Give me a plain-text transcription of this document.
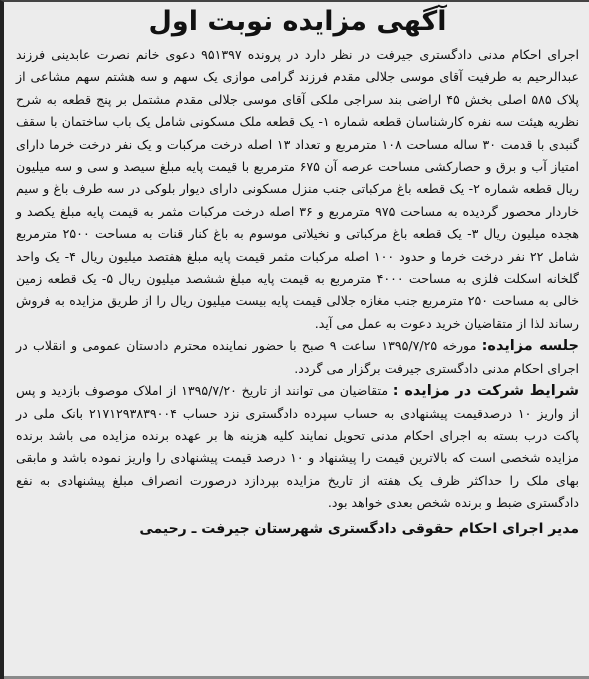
آگهی مزایده نوبت اول

اجرای احکام مدنی دادگستری جیرفت در نظر دارد در پرونده ۹۵۱۳۹۷ دعوی خانم نصرت عابدینی فرزند عبدالرحیم به طرفیت آقای موسی جلالی مقدم فرزند گرامی موازی یک سهم و سه هشتم سهم مشاعی از پلاک ۵۸۵ اصلی بخش ۴۵ اراضی بند سراجی ملکی آقای موسی جلالی مقدم مشتمل بر پنج قطعه به شرح نظریه هیئت سه نفره کارشناسان قطعه شماره ۱- یک قطعه ملک مسکونی شامل یک باب ساختمان با سقف گنبدی با قدمت ۳۰ ساله مساحت ۱۰۸ مترمربع و تعداد ۱۳ اصله درخت مرکبات و یک نفر درخت خرما دارای امتیاز آب و برق و حصارکشی مساحت عرصه آن ۶۷۵ مترمربع با قیمت پایه مبلغ سیصد و سی و سه میلیون ریال قطعه شماره ۲- یک قطعه باغ مرکباتی جنب منزل مسکونی دارای دیوار بلوکی در سه طرف باغ و سیم خاردار محصور گردیده به مساحت ۹۷۵ مترمربع و ۳۶ اصله درخت مرکبات مثمر به قیمت پایه مبلغ یکصد و هجده میلیون ریال ۳- یک قطعه باغ مرکباتی و نخیلاتی موسوم به باغ کنار قنات به مساحت ۲۵۰۰ مترمربع شامل ۲۲ نفر درخت خرما و حدود ۱۰۰ اصله مرکبات مثمر قیمت پایه مبلغ هفتصد میلیون ریال ۴- یک واحد گلخانه اسکلت فلزی به مساحت ۴۰۰۰ مترمربع به قیمت پایه مبلغ ششصد میلیون ریال ۵- یک قطعه زمین خالی به مساحت ۲۵۰ مترمربع جنب مغازه جلالی قیمت پایه بیست میلیون ریال را از طریق مزایده به فروش رساند لذا از متقاضیان خرید دعوت به عمل می آید.

جلسه مزایده: مورخه ۱۳۹۵/۷/۲۵ ساعت ۹ صبح با حضور نماینده محترم دادستان عمومی و انقلاب در اجرای احکام مدنی دادگستری جیرفت برگزار می گردد.

شرایط شرکت در مزایده : متقاضیان می توانند از تاریخ ۱۳۹۵/۷/۲۰ از املاک موصوف بازدید و پس از واریز ۱۰ درصدقیمت پیشنهادی به حساب سپرده دادگستری نزد حساب ۲۱۷۱۲۹۳۸۳۹۰۰۴ بانک ملی در پاکت درب بسته به اجرای احکام مدنی تحویل نمایند کلیه هزینه ها بر عهده برنده مزایده می باشد برنده مزایده شخصی است که بالاترین قیمت را پیشنهاد و ۱۰ درصد قیمت پیشنهادی را واریز نموده باشد و مابقی بهای ملک را حداکثر ظرف یک هفته از تاریخ مزایده بپردازد درصورت انصراف مبلغ پیشنهادی به نفع دادگستری ضبط و برنده شخص بعدی خواهد بود.

مدیر اجرای احکام حقوقی دادگستری شهرستان جیرفت ـ رحیمی
